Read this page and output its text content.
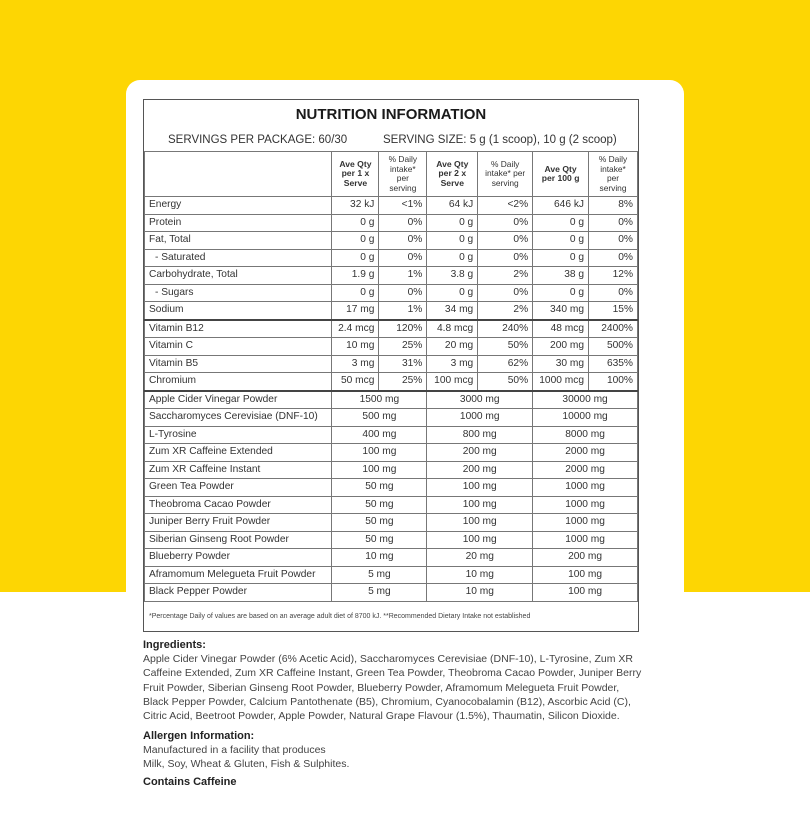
NUTRITION INFORMATION
SERVINGS PER PACKAGE: 60/30	SERVING SIZE: 5 g (1 scoop), 10 g (2 scoop)
	Ave Qty per 1 x Serve	% Daily intake* per serving	Ave Qty per 2 x Serve	% Daily intake* per serving	Ave Qty per 100 g	% Daily intake* per serving
Energy	32 kJ	<1%	64 kJ	<2%	646 kJ	8%
Protein	0 g	0%	0 g	0%	0 g	0%
Fat, Total	0 g	0%	0 g	0%	0 g	0%
- Saturated	0 g	0%	0 g	0%	0 g	0%
Carbohydrate, Total	1.9 g	1%	3.8 g	2%	38 g	12%
- Sugars	0 g	0%	0 g	0%	0 g	0%
Sodium	17 mg	1%	34 mg	2%	340 mg	15%
Vitamin B12	2.4 mcg	120%	4.8 mcg	240%	48 mcg	2400%
Vitamin C	10 mg	25%	20 mg	50%	200 mg	500%
Vitamin B5	3 mg	31%	3 mg	62%	30 mg	635%
Chromium	50 mcg	25%	100 mcg	50%	1000 mcg	100%
Apple Cider Vinegar Powder	1500 mg		3000 mg		30000 mg	
Saccharomyces Cerevisiae (DNF-10)	500 mg		1000 mg		10000 mg	
L-Tyrosine	400 mg		800 mg		8000 mg	
Zum XR Caffeine Extended	100 mg		200 mg		2000 mg	
Zum XR Caffeine Instant	100 mg		200 mg		2000 mg	
Green Tea Powder	50 mg		100 mg		1000 mg	
Theobroma Cacao Powder	50 mg		100 mg		1000 mg	
Juniper Berry Fruit Powder	50 mg		100 mg		1000 mg	
Siberian Ginseng Root Powder	50 mg		100 mg		1000 mg	
Blueberry Powder	10 mg		20 mg		200 mg	
Aframomum Melegueta Fruit Powder	5 mg		10 mg		100 mg	
Black Pepper Powder	5 mg		10 mg		100 mg	
*Percentage Daily of values are based on an average adult diet of 8700 kJ. **Recommended Dietary Intake not established
Ingredients:
Apple Cider Vinegar Powder (6% Acetic Acid), Saccharomyces Cerevisiae (DNF-10), L-Tyrosine, Zum XR Caffeine Extended, Zum XR Caffeine Instant, Green Tea Powder, Theobroma Cacao Powder, Juniper Berry Fruit Powder, Siberian Ginseng Root Powder, Blueberry Powder, Aframomum Melegueta Fruit Powder, Black Pepper Powder, Calcium Pantothenate (B5), Chromium, Cyanocobalamin (B12), Ascorbic Acid (C), Citric Acid, Beetroot Powder, Apple Powder, Natural Grape Flavour (1.5%), Thaumatin, Silicon Dioxide.
Allergen Information:
Manufactured in a facility that produces
Milk, Soy, Wheat & Gluten, Fish & Sulphites.
Contains Caffeine
